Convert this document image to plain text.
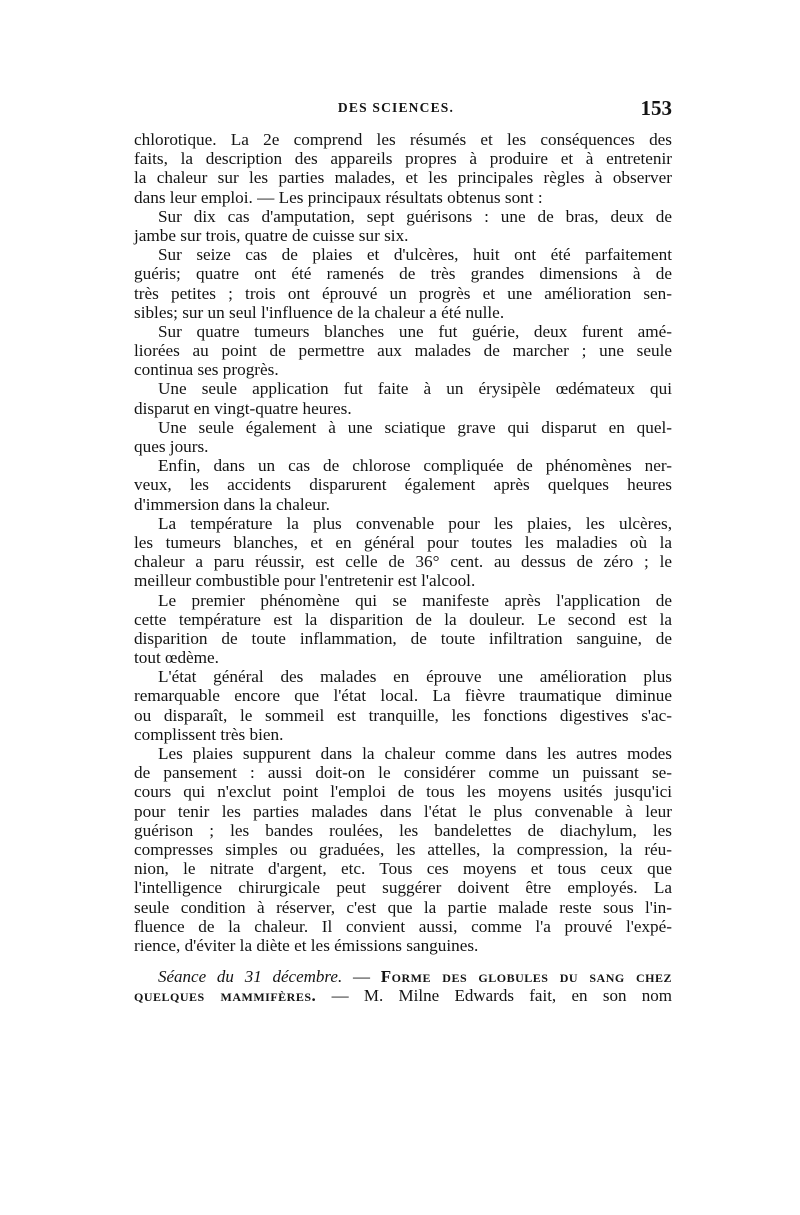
DES SCIENCES.	153
chlorotique. La 2e comprend les résumés et les conséquences des
faits, la description des appareils propres à produire et à entretenir
la chaleur sur les parties malades, et les principales règles à observer
dans leur emploi. — Les principaux résultats obtenus sont :
Sur dix cas d'amputation, sept guérisons : une de bras, deux de
jambe sur trois, quatre de cuisse sur six.
Sur seize cas de plaies et d'ulcères, huit ont été parfaitement
guéris; quatre ont été ramenés de très grandes dimensions à de
très petites ; trois ont éprouvé un progrès et une amélioration sen-
sibles; sur un seul l'influence de la chaleur a été nulle.
Sur quatre tumeurs blanches une fut guérie, deux furent amé-
liorées au point de permettre aux malades de marcher ; une seule
continua ses progrès.
Une seule application fut faite à un érysipèle œdémateux qui
disparut en vingt-quatre heures.
Une seule également à une sciatique grave qui disparut en quel-
ques jours.
Enfin, dans un cas de chlorose compliquée de phénomènes ner-
veux, les accidents disparurent également après quelques heures
d'immersion dans la chaleur.
La température la plus convenable pour les plaies, les ulcères,
les tumeurs blanches, et en général pour toutes les maladies où la
chaleur a paru réussir, est celle de 36° cent. au dessus de zéro ; le
meilleur combustible pour l'entretenir est l'alcool.
Le premier phénomène qui se manifeste après l'application de
cette température est la disparition de la douleur. Le second est la
disparition de toute inflammation, de toute infiltration sanguine, de
tout œdème.
L'état général des malades en éprouve une amélioration plus
remarquable encore que l'état local. La fièvre traumatique diminue
ou disparaît, le sommeil est tranquille, les fonctions digestives s'ac-
complissent très bien.
Les plaies suppurent dans la chaleur comme dans les autres modes
de pansement : aussi doit-on le considérer comme un puissant se-
cours qui n'exclut point l'emploi de tous les moyens usités jusqu'ici
pour tenir les parties malades dans l'état le plus convenable à leur
guérison ; les bandes roulées, les bandelettes de diachylum, les
compresses simples ou graduées, les attelles, la compression, la réu-
nion, le nitrate d'argent, etc. Tous ces moyens et tous ceux que
l'intelligence chirurgicale peut suggérer doivent être employés. La
seule condition à réserver, c'est que la partie malade reste sous l'in-
fluence de la chaleur. Il convient aussi, comme l'a prouvé l'expé-
rience, d'éviter la diète et les émissions sanguines.
Séance du 31 décembre. — Forme des globules du sang chez
quelques mammifères. — M. Milne Edwards fait, en son nom
